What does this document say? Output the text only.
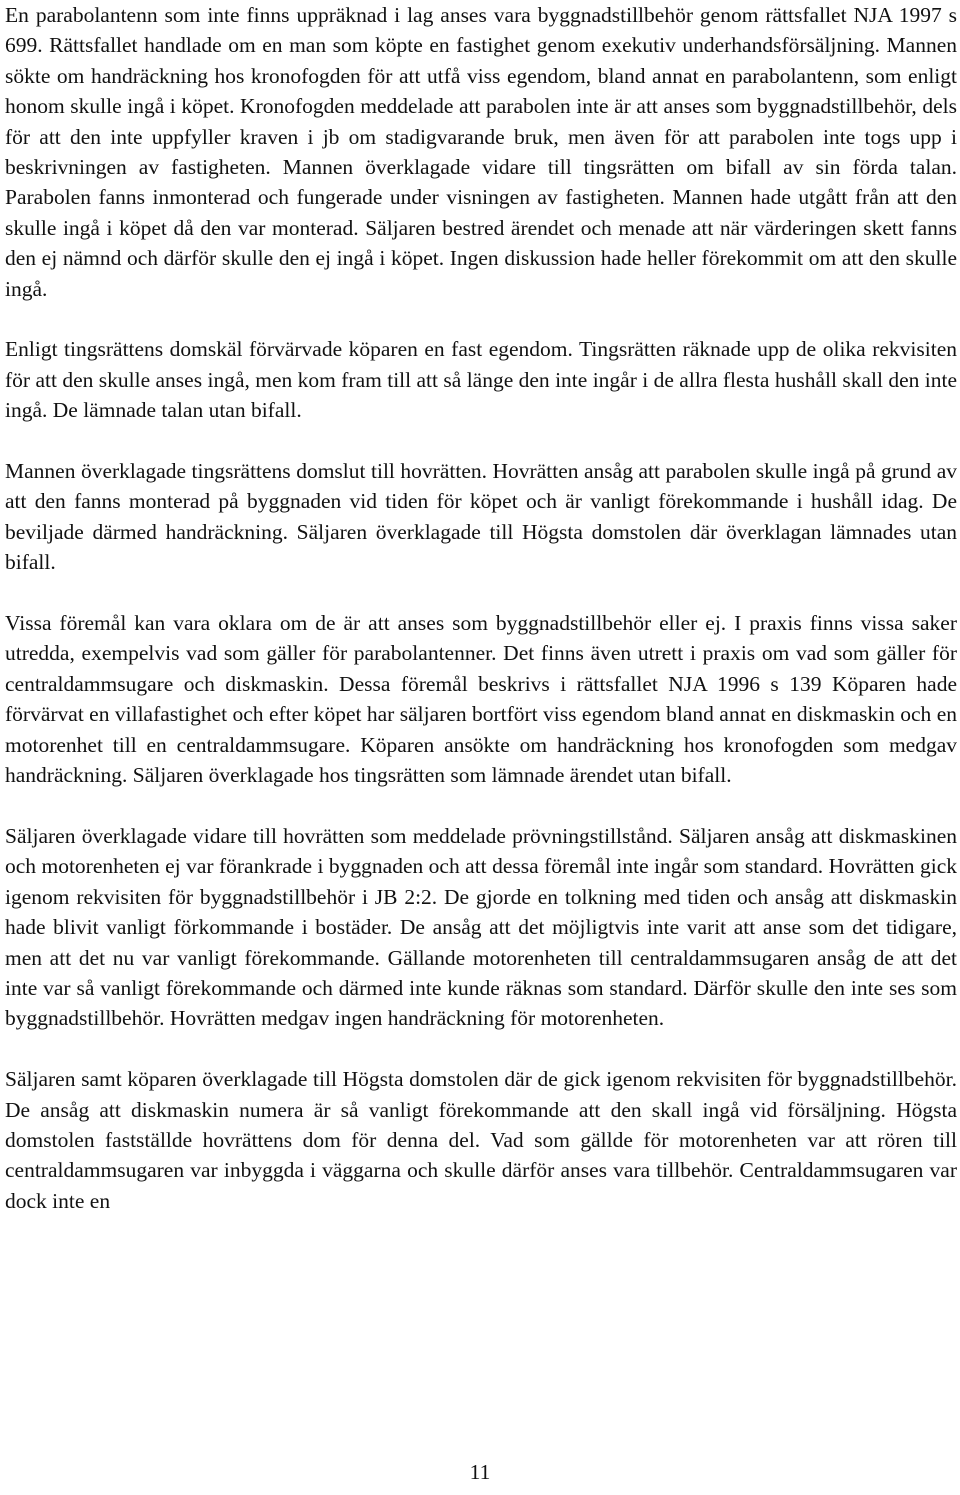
En parabolantenn som inte finns uppräknad i lag anses vara byggnadstillbehör genom rättsfallet NJA 1997 s 699. Rättsfallet handlade om en man som köpte en fastighet genom exekutiv underhandsförsäljning. Mannen sökte om handräckning hos kronofogden för att utfå viss egendom, bland annat en parabolantenn, som enligt honom skulle ingå i köpet. Kronofogden meddelade att parabolen inte är att anses som byggnadstillbehör, dels för att den inte uppfyller kraven i jb om stadigvarande bruk, men även för att parabolen inte togs upp i beskrivningen av fastigheten. Mannen överklagade vidare till tingsrätten om bifall av sin förda talan. Parabolen fanns inmonterad och fungerade under visningen av fastigheten. Mannen hade utgått från att den skulle ingå i köpet då den var monterad. Säljaren bestred ärendet och menade att när värderingen skett fanns den ej nämnd och därför skulle den ej ingå i köpet. Ingen diskussion hade heller förekommit om att den skulle ingå.

Enligt tingsrättens domskäl förvärvade köparen en fast egendom. Tingsrätten räknade upp de olika rekvisiten för att den skulle anses ingå, men kom fram till att så länge den inte ingår i de allra flesta hushåll skall den inte ingå. De lämnade talan utan bifall.

Mannen överklagade tingsrättens domslut till hovrätten. Hovrätten ansåg att parabolen skulle ingå på grund av att den fanns monterad på byggnaden vid tiden för köpet och är vanligt förekommande i hushåll idag. De beviljade därmed handräckning. Säljaren överklagade till Högsta domstolen där överklagan lämnades utan bifall.

Vissa föremål kan vara oklara om de är att anses som byggnadstillbehör eller ej. I praxis finns vissa saker utredda, exempelvis vad som gäller för parabolantenner. Det finns även utrett i praxis om vad som gäller för centraldammsugare och diskmaskin. Dessa föremål beskrivs i rättsfallet NJA 1996 s 139 Köparen hade förvärvat en villafastighet och efter köpet har säljaren bortfört viss egendom bland annat en diskmaskin och en motorenhet till en centraldammsugare. Köparen ansökte om handräckning hos kronofogden som medgav handräckning. Säljaren överklagade hos tingsrätten som lämnade ärendet utan bifall.

Säljaren överklagade vidare till hovrätten som meddelade prövningstillstånd. Säljaren ansåg att diskmaskinen och motorenheten ej var förankrade i byggnaden och att dessa föremål inte ingår som standard. Hovrätten gick igenom rekvisiten för byggnadstillbehör i JB 2:2. De gjorde en tolkning med tiden och ansåg att diskmaskin hade blivit vanligt förkommande i bostäder. De ansåg att det möjligtvis inte varit att anse som det tidigare, men att det nu var vanligt förekommande. Gällande motorenheten till centraldammsugaren ansåg de att det inte var så vanligt förekommande och därmed inte kunde räknas som standard. Därför skulle den inte ses som byggnadstillbehör. Hovrätten medgav ingen handräckning för motorenheten.

Säljaren samt köparen överklagade till Högsta domstolen där de gick igenom rekvisiten för byggnadstillbehör. De ansåg att diskmaskin numera är så vanligt förekommande att den skall ingå vid försäljning. Högsta domstolen fastställde hovrättens dom för denna del. Vad som gällde för motorenheten var att rören till centraldammsugaren var inbyggda i väggarna och skulle därför anses vara tillbehör. Centraldammsugaren var dock inte en

11
